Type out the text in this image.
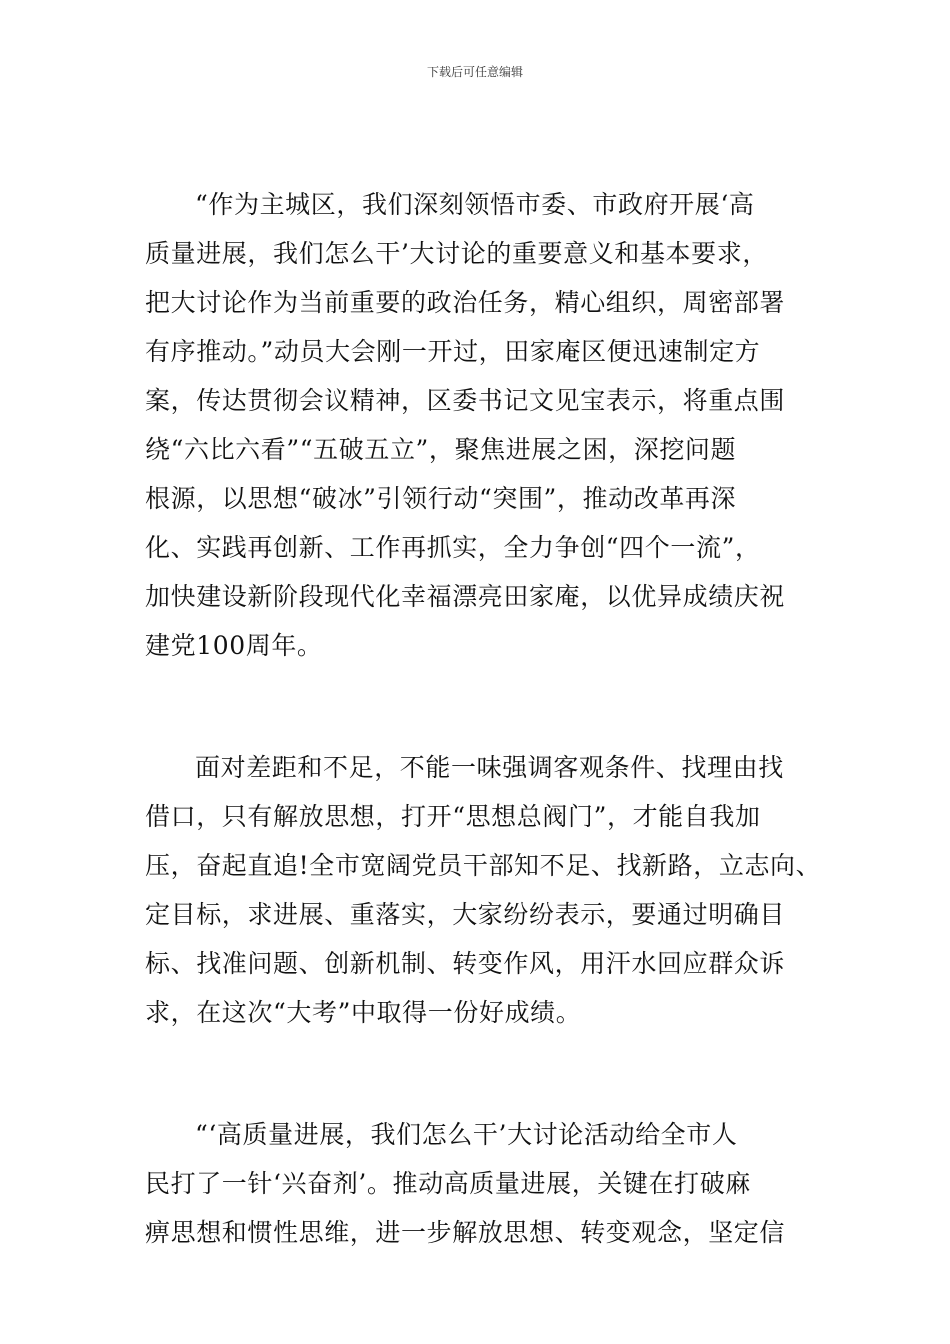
下载后可任意编辑
“作为主城区，我们深刻领悟市委、市政府开展‘高
质量进展，我们怎么干’大讨论的重要意义和基本要求，
把大讨论作为当前重要的政治任务，精心组织，周密部署
有序推动。”动员大会刚一开过，田家庵区便迅速制定方
案，传达贯彻会议精神，区委书记文见宝表示，将重点围
绕“六比六看”“五破五立”，聚焦进展之困，深挖问题
根源，以思想“破冰”引领行动“突围”，推动改革再深
化、实践再创新、工作再抓实，全力争创“四个一流”，
加快建设新阶段现代化幸福漂亮田家庵，以优异成绩庆祝
建党100周年。
面对差距和不足，不能一味强调客观条件、找理由找
借口，只有解放思想，打开“思想总阀门”，才能自我加
压，奋起直追!全市宽阔党员干部知不足、找新路，立志向、
定目标，求进展、重落实，大家纷纷表示，要通过明确目
标、找准问题、创新机制、转变作风，用汗水回应群众诉
求，在这次“大考”中取得一份好成绩。
“‘高质量进展，我们怎么干’大讨论活动给全市人
民打了一针‘兴奋剂’。推动高质量进展，关键在打破麻
痹思想和惯性思维，进一步解放思想、转变观念，坚定信
